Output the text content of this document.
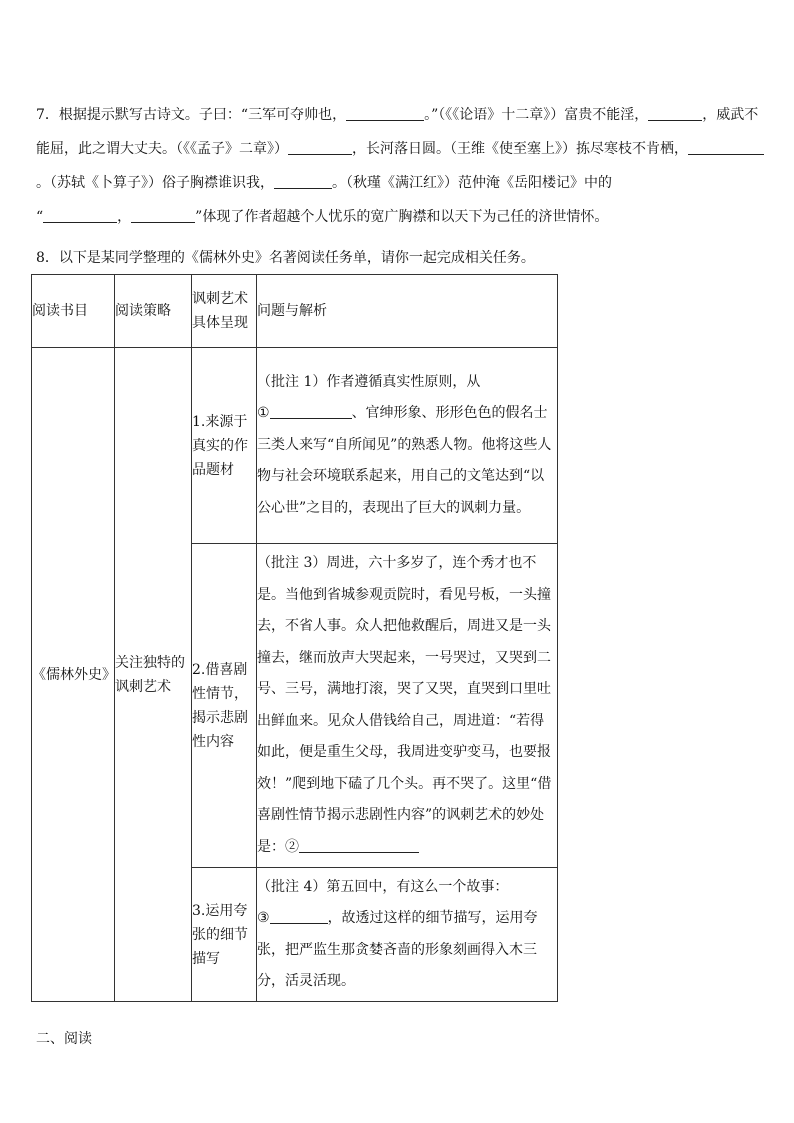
7．根据提示默写古诗文。子曰：“三军可夺帅也，	。”（《《论语》十二章》）富贵不能淫，	，威武不能屈，此之谓大丈夫。（《《孟子》二章》）	，长河落日圆。（王维《使至塞上》）拣尽寒枝不肯栖，。（苏轼《卜算子》）俗子胸襟谁识我，	。（秋瑾《满江红》）范仲淹《岳阳楼记》中的
“	，	”体现了作者超越个人忧乐的宽广胸襟和以天下为己任的济世情怀。
8．以下是某同学整理的《儒林外史》名著阅读任务单，请你一起完成相关任务。
阅读书目	阅读策略	讽刺艺术具体呈现	问题与解析
《儒林外史》	关注独特的讽刺艺术	1.来源于真实的作品题材	（批注 1）作者遵循真实性原则，从
① 、官绅形象、形形色色的假名士三类人来写“自所闻见”的熟悉人物。他将这些人物与社会环境联系起来，用自己的文笔达到“以公心世”之目的，表现出了巨大的讽刺力量。
		2.借喜剧性情节，揭示悲剧性内容	（批注 3）周进，六十多岁了，连个秀才也不是。当他到省城参观贡院时，看见号板，一头撞去，不省人事。众人把他救醒后，周进又是一头撞去，继而放声大哭起来，一号哭过，又哭到二号、三号，满地打滚，哭了又哭，直哭到口里吐出鲜血来。见众人借钱给自己，周进道：“若得如此，便是重生父母，我周进变驴变马，也要报效！”爬到地下磕了几个头。再不哭了。这里“借喜剧性情节揭示悲剧性内容”的讽刺艺术的妙处是：②
		3.运用夸张的细节描写	（批注 4）第五回中，有这么一个故事：
③ ，故透过这样的细节描写，运用夸张，把严监生那贪婪吝啬的形象刻画得入木三分，活灵活现。
二、阅读
